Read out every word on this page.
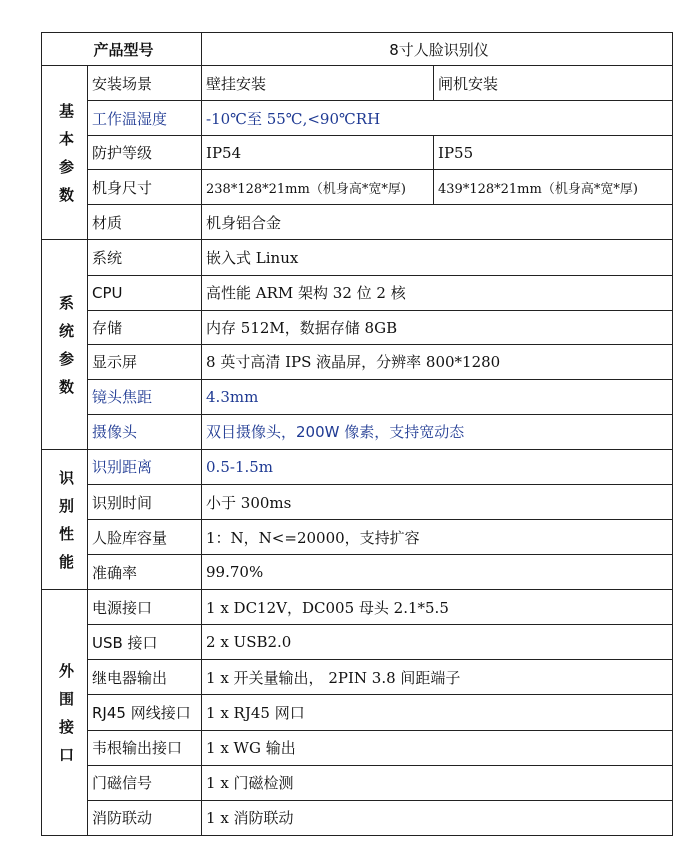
产品型号		8寸人脸识别仪	

基
本
参
数	安装场景	壁挂安装	闸机安装
	工作温湿度	-10℃至 55℃,<90℃RH	
	防护等级	IP54	IP55
	机身尺寸	238*128*21mm（机身高*宽*厚)	439*128*21mm（机身高*宽*厚)
	材质	机身铝合金	

系
统
参
数	系统	嵌入式 Linux	
	CPU	高性能 ARM 架构 32 位 2 核	
	存储	内存 512M，数据存储 8GB	
	显示屏	8 英寸高清 IPS 液晶屏，分辨率 800*1280	
	镜头焦距	4.3mm	
	摄像头	双目摄像头，200W 像素，支持宽动态	

识
别
性
能	识别距离	0.5-1.5m	
	识别时间	小于 300ms	
	人脸库容量	1：N，N<=20000，支持扩容	
	准确率	99.70%	

外
围
接
口	电源接口	1 x DC12V，DC005 母头 2.1*5.5	
	USB 接口	2 x USB2.0	
	继电器输出	1 x 开关量输出， 2PIN 3.8 间距端子	
	RJ45 网线接口	1 x RJ45 网口	
	韦根输出接口	1 x WG 输出	
	门磁信号	1 x 门磁检测	
	消防联动	1 x 消防联动	
